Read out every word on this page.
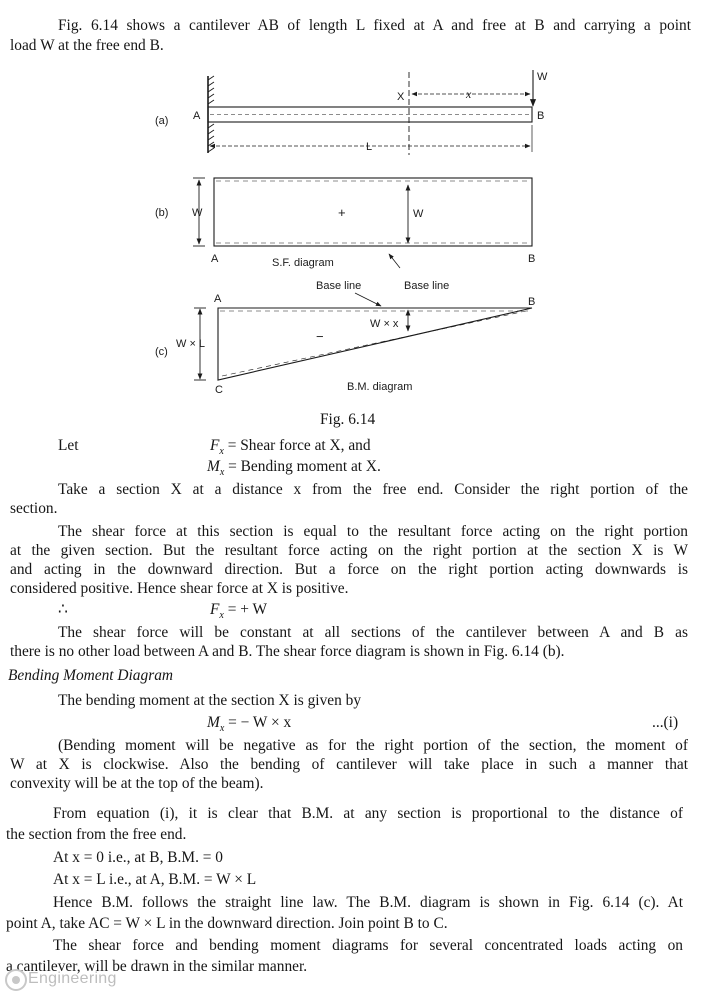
Fig. 6.14 shows a cantilever AB of length L fixed at A and free at B and carrying a point
load W at the free end B.
(a) A	B
W
X	x
L
(b) W	W
+
A	B
S.F. diagram
Base line	Base line
(c)
A	B
C
−
W × x
W × L
B.M. diagram
Fig. 6.14
Let	$F_x$ = Shear force at X, and
$M_x$ = Bending moment at X.
Take a section X at a distance x from the free end. Consider the right portion of the
section.
The shear force at this section is equal to the resultant force acting on the right portion
at the given section. But the resultant force acting on the right portion at the section X is W
and acting in the downward direction. But a force on the right portion acting downwards is
considered positive. Hence shear force at X is positive.
∴	$F_x$ = + W
The shear force will be constant at all sections of the cantilever between A and B as
there is no other load between A and B. The shear force diagram is shown in Fig. 6.14 (b).
Bending Moment Diagram
The bending moment at the section X is given by
$M_x$ = − W × x	...(i)
(Bending moment will be negative as for the right portion of the section, the moment of
W at X is clockwise. Also the bending of cantilever will take place in such a manner that
convexity will be at the top of the beam).
From equation (i), it is clear that B.M. at any section is proportional to the distance of
the section from the free end.
At x = 0 i.e., at B, B.M. = 0
At x = L i.e., at A, B.M. = W × L
Hence B.M. follows the straight line law. The B.M. diagram is shown in Fig. 6.14 (c). At
point A, take AC = W × L in the downward direction. Join point B to C.
The shear force and bending moment diagrams for several concentrated loads acting on
a cantilever, will be drawn in the similar manner.
Engineering
